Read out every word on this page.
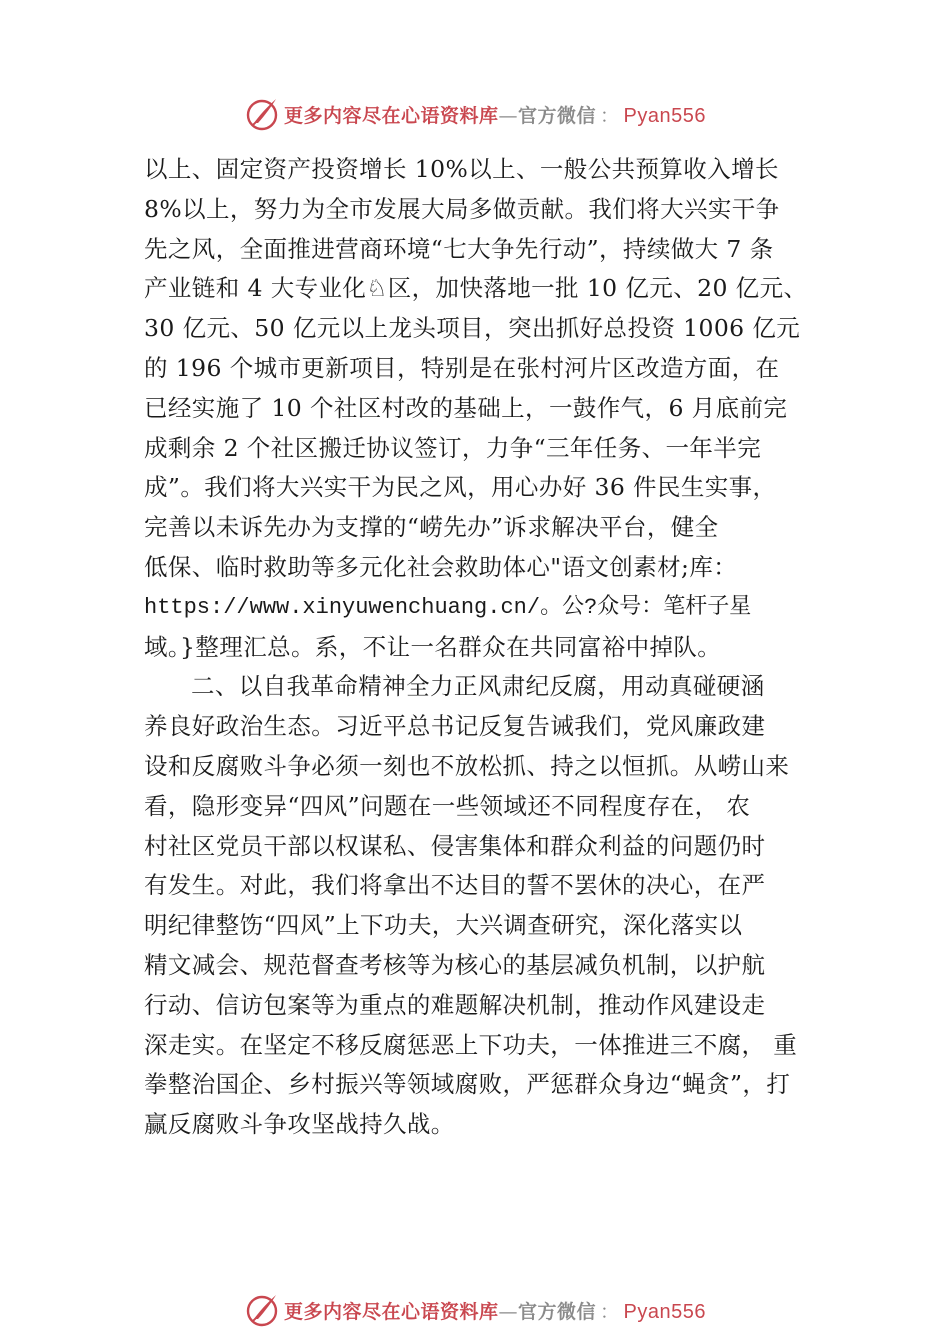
更多内容尽在心语资料库 — 官方微信 ： Pyan556
以上、固定资产投资增长 10%以上、一般公共预算收入增长
8%以上，努力为全市发展大局多做贡献。我们将大兴实干争
先之风，全面推进营商环境“七大争先行动”，持续做大 7 条
产业链和 4 大专业化♘区，加快落地一批 10 亿元、20 亿元、
30 亿元、50 亿元以上龙头项目，突出抓好总投资 1006 亿元
的 196 个城市更新项目，特别是在张村河片区改造方面，在
已经实施了 10 个社区村改的基础上，一鼓作气，6 月底前完
成剩余 2 个社区搬迁协议签订，力争“三年任务、一年半完
成”。我们将大兴实干为民之风，用心办好 36 件民生实事，
完善以未诉先办为支撑的“崂先办”诉求解决平台，健全
低保、临时救助等多元化社会救助体心"语文创素材;库：
https://www.xinyuwenchuang.cn/。公?众号：笔杆子星
域。}整理汇总。系，不让一名群众在共同富裕中掉队。
二、以自我革命精神全力正风肃纪反腐，用动真碰硬涵
养良好政治生态。习近平总书记反复告诫我们，党风廉政建
设和反腐败斗争必须一刻也不放松抓、持之以恒抓。从崂山来
看，隐形变异“四风”问题在一些领域还不同程度存在， 农
村社区党员干部以权谋私、侵害集体和群众利益的问题仍时
有发生。对此，我们将拿出不达目的誓不罢休的决心，在严
明纪律整饬“四风”上下功夫，大兴调查研究，深化落实以
精文减会、规范督查考核等为核心的基层减负机制，以护航
行动、信访包案等为重点的难题解决机制，推动作风建设走
深走实。在坚定不移反腐惩恶上下功夫，一体推进三不腐， 重
拳整治国企、乡村振兴等领域腐败，严惩群众身边“蝇贪”，打
赢反腐败斗争攻坚战持久战。
更多内容尽在心语资料库 — 官方微信 ： Pyan556
